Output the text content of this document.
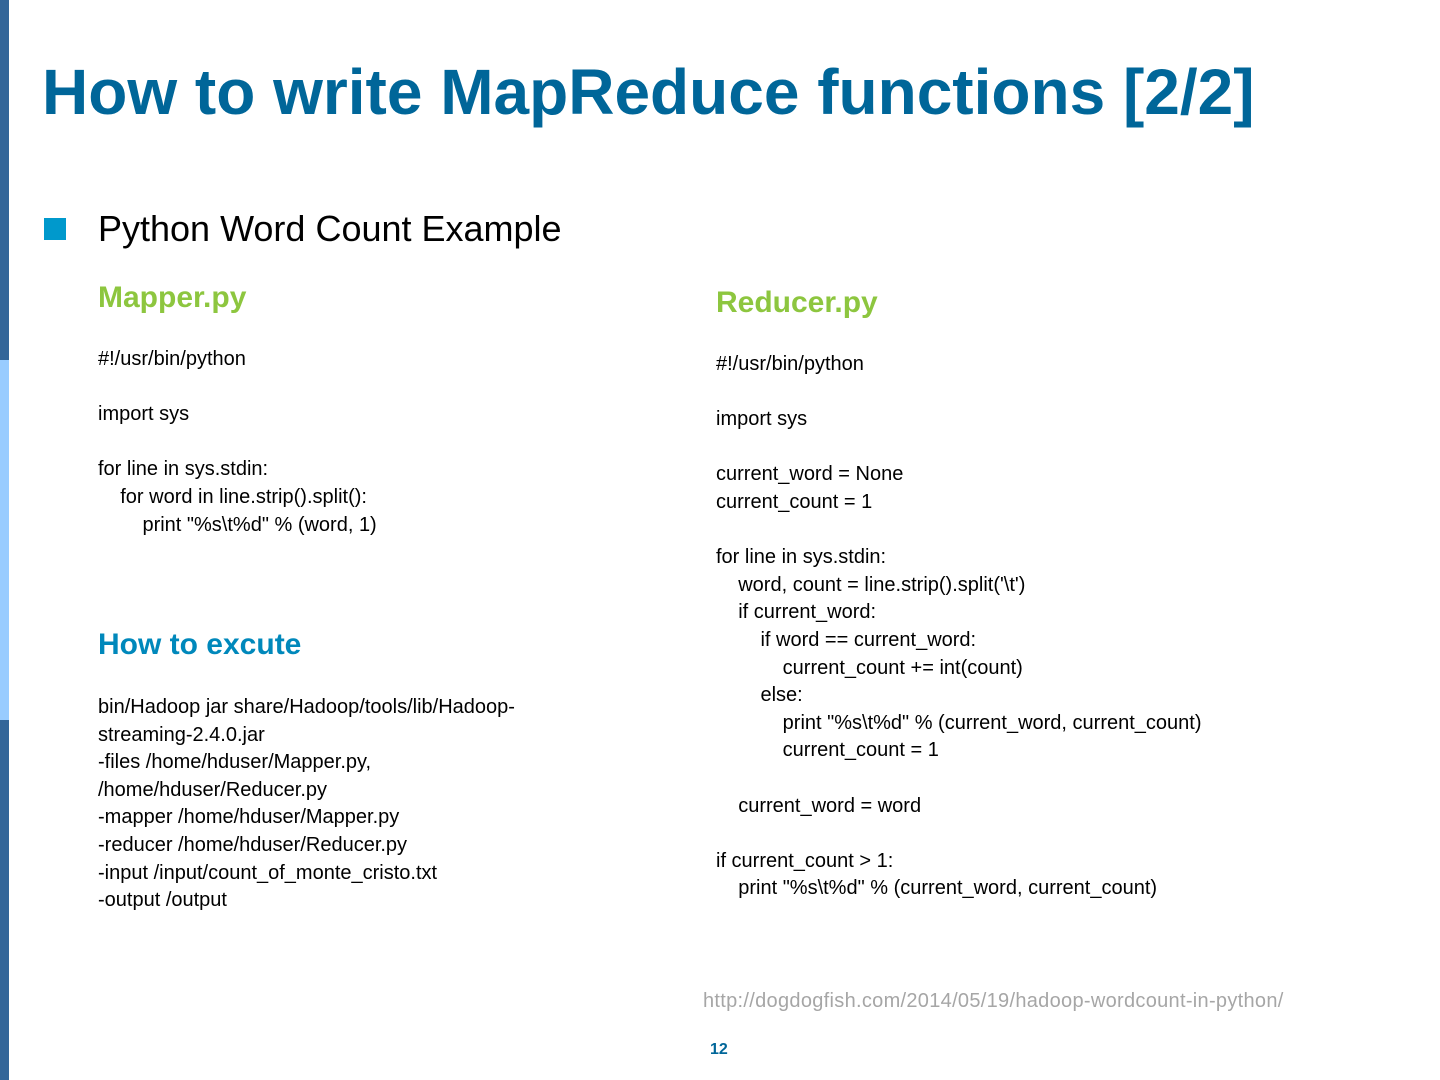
How to write MapReduce functions [2/2]
Python Word Count Example
Mapper.py
#!/usr/bin/python

import sys

for line in sys.stdin:
for word in line.strip().split():
print "%s\t%d" % (word, 1)
How to excute
bin/Hadoop jar share/Hadoop/tools/lib/Hadoop-
streaming-2.4.0.jar
-files /home/hduser/Mapper.py,
/home/hduser/Reducer.py
-mapper /home/hduser/Mapper.py
-reducer /home/hduser/Reducer.py
-input /input/count_of_monte_cristo.txt
-output /output
Reducer.py
#!/usr/bin/python

import sys

current_word = None
current_count = 1

for line in sys.stdin:
word, count = line.strip().split('\t')
if current_word:
if word == current_word:
current_count += int(count)
else:
print "%s\t%d" % (current_word, current_count)
current_count = 1

current_word = word

if current_count > 1:
print "%s\t%d" % (current_word, current_count)
http://dogdogfish.com/2014/05/19/hadoop-wordcount-in-python/
12
